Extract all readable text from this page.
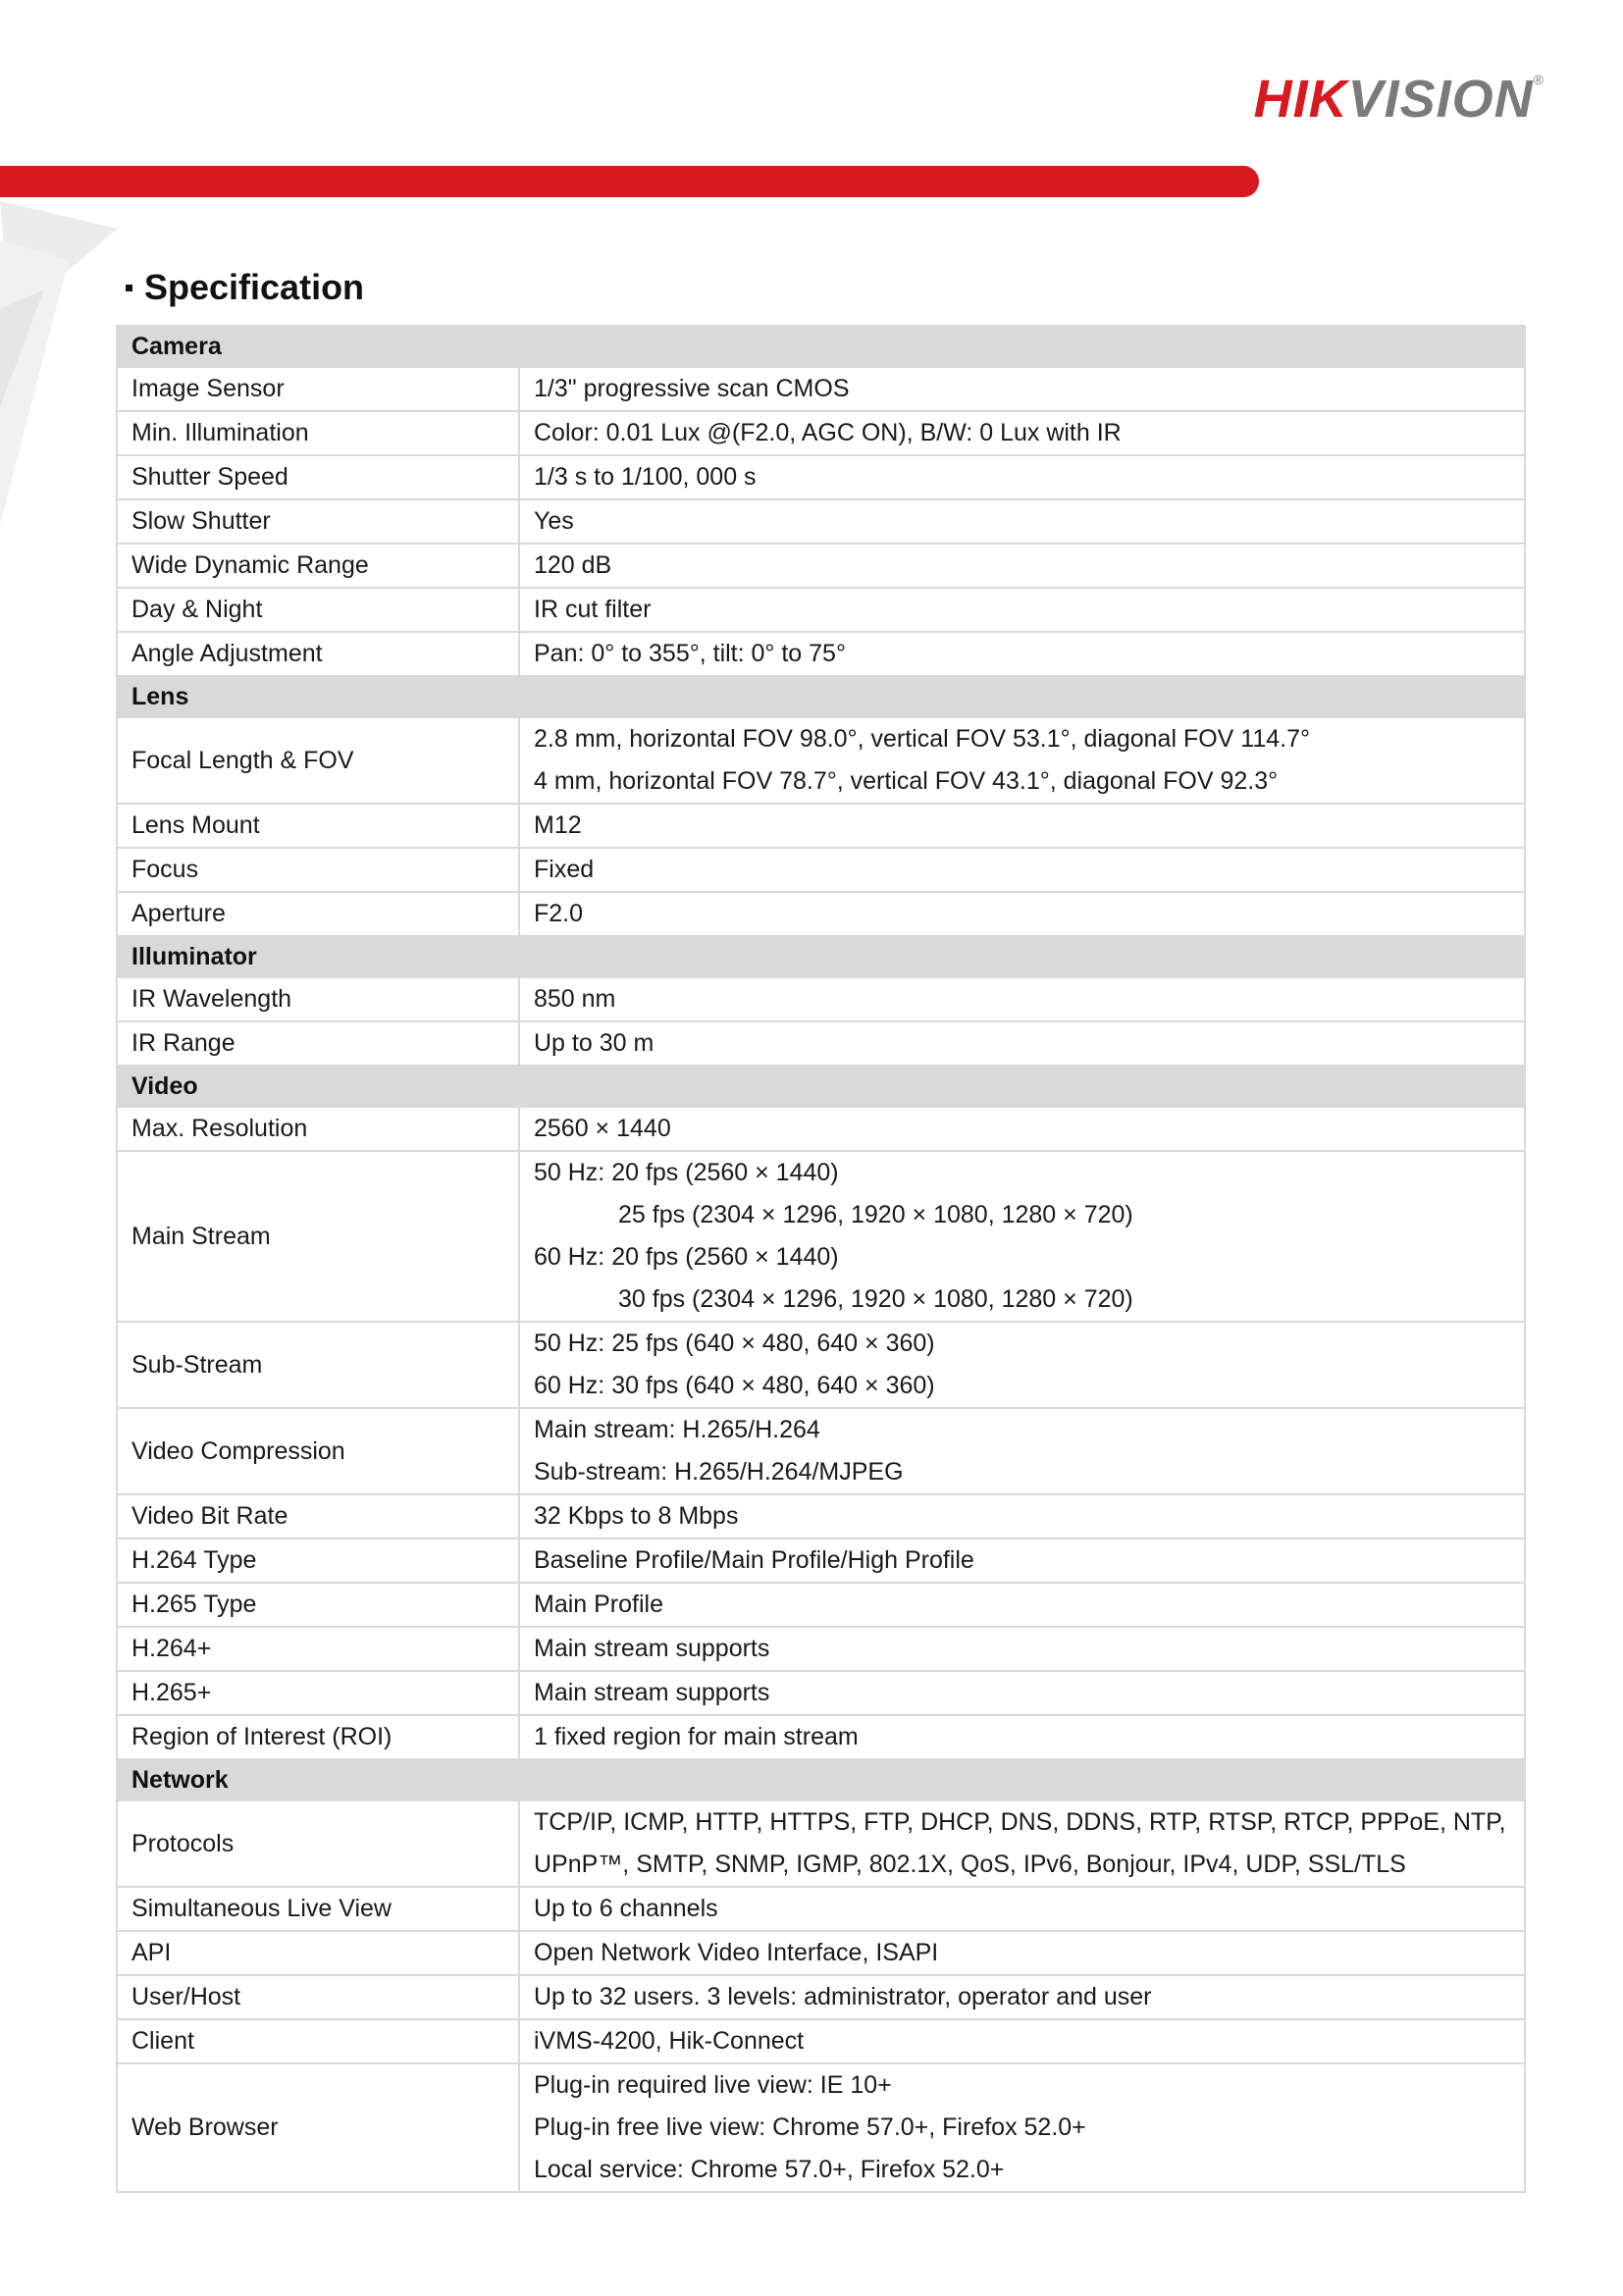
HIKVISION®
Specification
Camera	
Image Sensor	1/3" progressive scan CMOS

Min. Illumination	Color: 0.01 Lux @(F2.0, AGC ON), B/W: 0 Lux with IR

Shutter Speed	1/3 s to 1/100, 000 s

Slow Shutter	Yes

Wide Dynamic Range	120 dB

Day & Night	IR cut filter

Angle Adjustment	Pan: 0° to 355°, tilt: 0° to 75°

Lens	
Focal Length & FOV	2.8 mm, horizontal FOV 98.0°, vertical FOV 53.1°, diagonal FOV 114.7°
4 mm, horizontal FOV 78.7°, vertical FOV 43.1°, diagonal FOV 92.3°

Lens Mount	M12

Focus	Fixed

Aperture	F2.0

Illuminator	
IR Wavelength	850 nm

IR Range	Up to 30 m

Video	
Max. Resolution	2560 × 1440

Main Stream	50 Hz: 20 fps (2560 × 1440)
25 fps (2304 × 1296, 1920 × 1080, 1280 × 720)
60 Hz: 20 fps (2560 × 1440)
30 fps (2304 × 1296, 1920 × 1080, 1280 × 720)

Sub-Stream	50 Hz: 25 fps (640 × 480, 640 × 360)
60 Hz: 30 fps (640 × 480, 640 × 360)

Video Compression	Main stream: H.265/H.264
Sub-stream: H.265/H.264/MJPEG

Video Bit Rate	32 Kbps to 8 Mbps

H.264 Type	Baseline Profile/Main Profile/High Profile

H.265 Type	Main Profile

H.264+	Main stream supports

H.265+	Main stream supports

Region of Interest (ROI)	1 fixed region for main stream

Network	
Protocols	TCP/IP, ICMP, HTTP, HTTPS, FTP, DHCP, DNS, DDNS, RTP, RTSP, RTCP, PPPoE, NTP,
UPnP™, SMTP, SNMP, IGMP, 802.1X, QoS, IPv6, Bonjour, IPv4, UDP, SSL/TLS

Simultaneous Live View	Up to 6 channels

API	Open Network Video Interface, ISAPI

User/Host	Up to 32 users. 3 levels: administrator, operator and user

Client	iVMS-4200, Hik-Connect

Web Browser	Plug-in required live view: IE 10+
Plug-in free live view: Chrome 57.0+, Firefox 52.0+
Local service: Chrome 57.0+, Firefox 52.0+
